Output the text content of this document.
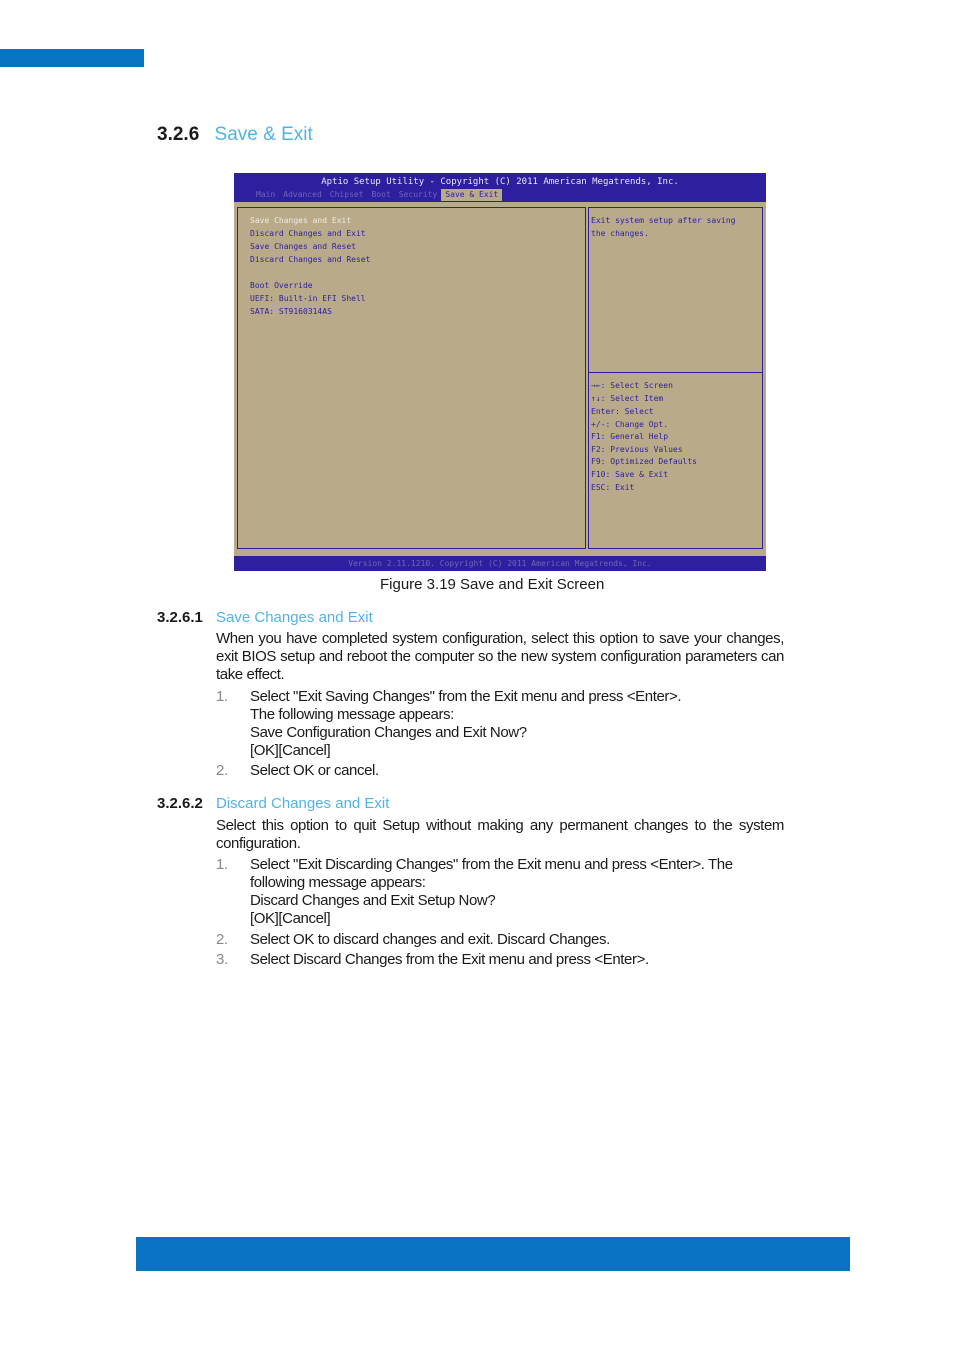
3.2.6 Save & Exit
Aptio Setup Utility - Copyright (C) 2011 American Megatrends, Inc.
Main	Advanced	Chipset	Boot	Security	Save & Exit
Save Changes and Exit
Discard Changes and Exit
Save Changes and Reset
Discard Changes and Reset
Boot Override
UEFI: Built-in EFI Shell
SATA: ST9160314AS
Exit system setup after saving
the changes.
→←: Select Screen
↑↓: Select Item
Enter: Select
+/-: Change Opt.
F1: General Help
F2: Previous Values
F9: Optimized Defaults
F10: Save & Exit
ESC: Exit
Version 2.11.1210. Copyright (C) 2011 American Megatrends, Inc.
Figure 3.19 Save and Exit Screen
3.2.6.1 Save Changes and Exit
When you have completed system configuration, select this option to save your changes, exit BIOS setup and reboot the computer so the new system configuration parameters can take effect.
1. Select "Exit Saving Changes" from the Exit menu and press <Enter>.
The following message appears:
Save Configuration Changes and Exit Now?
[OK][Cancel]
2. Select OK or cancel.
3.2.6.2 Discard Changes and Exit
Select this option to quit Setup without making any permanent changes to the system configuration.
1. Select "Exit Discarding Changes" from the Exit menu and press <Enter>. The
following message appears:
Discard Changes and Exit Setup Now?
[OK][Cancel]
2. Select OK to discard changes and exit. Discard Changes.
3. Select Discard Changes from the Exit menu and press <Enter>.
